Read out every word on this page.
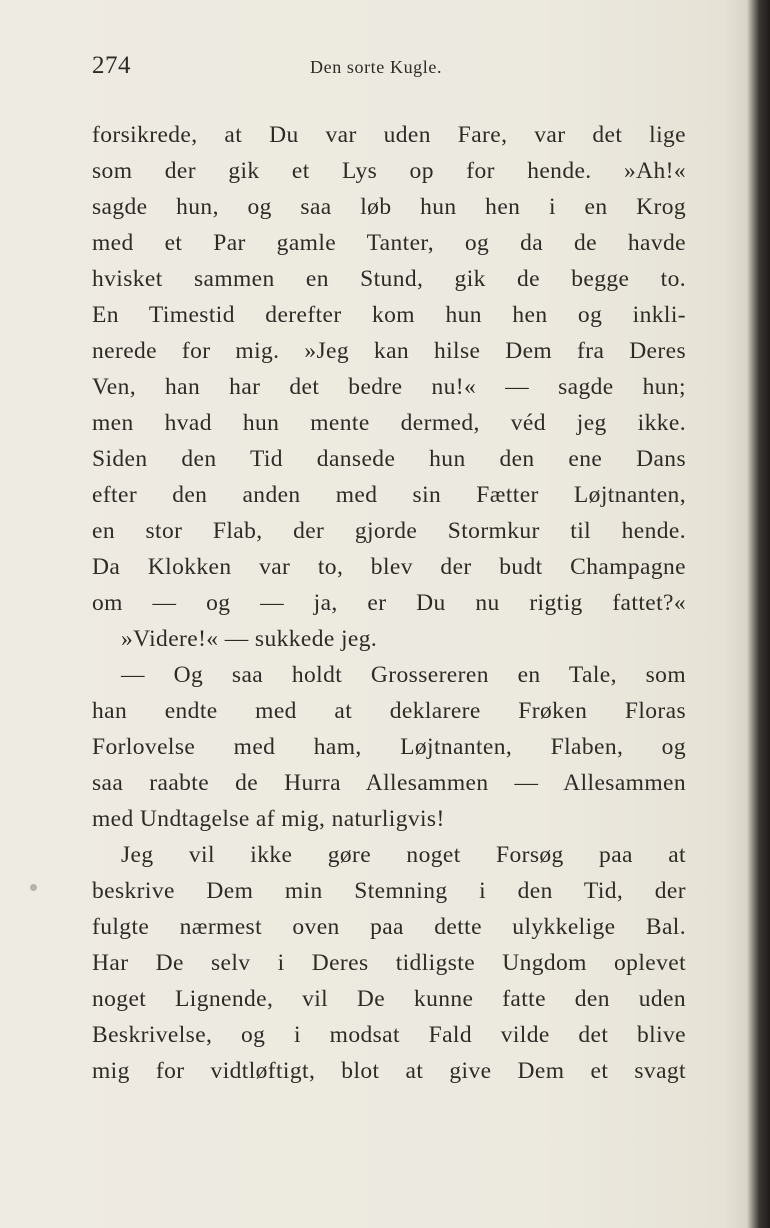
274	Den sorte Kugle.
forsikrede, at Du var uden Fare, var det lige
som der gik et Lys op for hende. »Ah!«
sagde hun, og saa løb hun hen i en Krog
med et Par gamle Tanter, og da de havde
hvisket sammen en Stund, gik de begge to.
En Timestid derefter kom hun hen og inkli-
nerede for mig. »Jeg kan hilse Dem fra Deres
Ven, han har det bedre nu!« — sagde hun;
men hvad hun mente dermed, véd jeg ikke.
Siden den Tid dansede hun den ene Dans
efter den anden med sin Fætter Løjtnanten,
en stor Flab, der gjorde Stormkur til hende.
Da Klokken var to, blev der budt Champagne
om — og — ja, er Du nu rigtig fattet?«
»Videre!« — sukkede jeg.
— Og saa holdt Grossereren en Tale, som
han endte med at deklarere Frøken Floras
Forlovelse med ham, Løjtnanten, Flaben, og
saa raabte de Hurra Allesammen — Allesammen
med Undtagelse af mig, naturligvis!
Jeg vil ikke gøre noget Forsøg paa at
beskrive Dem min Stemning i den Tid, der
fulgte nærmest oven paa dette ulykkelige Bal.
Har De selv i Deres tidligste Ungdom oplevet
noget Lignende, vil De kunne fatte den uden
Beskrivelse, og i modsat Fald vilde det blive
mig for vidtløftigt, blot at give Dem et svagt
